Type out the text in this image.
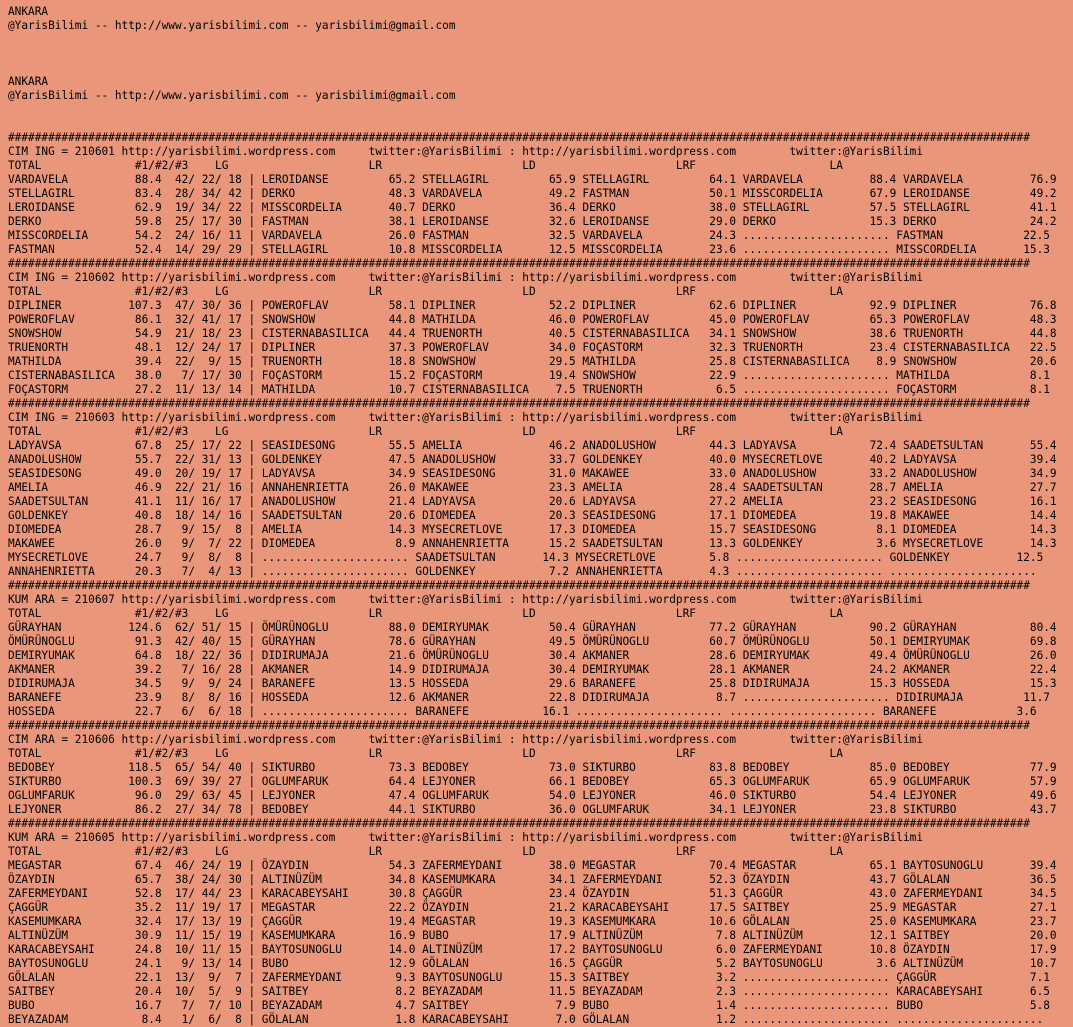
ANKARA
@YarisBilimi -- http://www.yarisbilimi.com -- yarisbilimi@gmail.com
ANKARA
@YarisBilimi -- http://www.yarisbilimi.com -- yarisbilimi@gmail.com
#########################################################################################################################################################
CIM ING = 210601 http://yarisbilimi.wordpress.com     twitter:@YarisBilimi : http://yarisbilimi.wordpress.com        twitter:@YarisBilimi
TOTAL              #1/#2/#3    LG                     LR                     LD                     LRF                    LA
VARDAVELA          88.4  42/ 22/ 18 | LEROIDANSE         65.2 STELLAGIRL         65.9 STELLAGIRL         64.1 VARDAVELA          88.4 VARDAVELA          76.9
STELLAGIRL         83.4  28/ 34/ 42 | DERKO              48.3 VARDAVELA          49.2 FASTMAN            50.1 MISSCORDELIA       67.9 LEROIDANSE         49.2
LEROIDANSE         62.9  19/ 34/ 22 | MISSCORDELIA       40.7 DERKO              36.4 DERKO              38.0 STELLAGIRL         57.5 STELLAGIRL         41.1
DERKO              59.8  25/ 17/ 30 | FASTMAN            38.1 LEROIDANSE         32.6 LEROIDANSE         29.0 DERKO              15.3 DERKO              24.2
MISSCORDELIA       54.2  24/ 16/ 11 | VARDAVELA          26.0 FASTMAN            32.5 VARDAVELA          24.3 ...................... FASTMAN            22.5
FASTMAN            52.4  14/ 29/ 29 | STELLAGIRL         10.8 MISSCORDELIA       12.5 MISSCORDELIA       23.6 ...................... MISSCORDELIA       15.3
#########################################################################################################################################################
CIM ING = 210602 http://yarisbilimi.wordpress.com     twitter:@YarisBilimi : http://yarisbilimi.wordpress.com        twitter:@YarisBilimi
TOTAL              #1/#2/#3    LG                     LR                     LD                     LRF                    LA
DIPLINER          107.3  47/ 30/ 36 | POWEROFLAV         58.1 DIPLINER           52.2 DIPLINER           62.6 DIPLINER           92.9 DIPLINER           76.8
POWEROFLAV         86.1  32/ 41/ 17 | SNOWSHOW           44.8 MATHILDA           46.0 POWEROFLAV         45.0 POWEROFLAV         65.3 POWEROFLAV         48.3
SNOWSHOW           54.9  21/ 18/ 23 | CISTERNABASILICA   44.4 TRUENORTH          40.5 CISTERNABASILICA   34.1 SNOWSHOW           38.6 TRUENORTH          44.8
TRUENORTH          48.1  12/ 24/ 17 | DIPLINER           37.3 POWEROFLAV         34.0 FOÇASTORM          32.3 TRUENORTH          23.4 CISTERNABASILICA   22.5
MATHILDA           39.4  22/  9/ 15 | TRUENORTH          18.8 SNOWSHOW           29.5 MATHILDA           25.8 CISTERNABASILICA    8.9 SNOWSHOW           20.6
CISTERNABASILICA   38.0   7/ 17/ 30 | FOÇASTORM          15.2 FOÇASTORM          19.4 SNOWSHOW           22.9 ...................... MATHILDA            8.1
FOÇASTORM          27.2  11/ 13/ 14 | MATHILDA           10.7 CISTERNABASILICA    7.5 TRUENORTH           6.5 ...................... FOÇASTORM           8.1
#########################################################################################################################################################
CIM ING = 210603 http://yarisbilimi.wordpress.com     twitter:@YarisBilimi : http://yarisbilimi.wordpress.com        twitter:@YarisBilimi
TOTAL              #1/#2/#3    LG                     LR                     LD                     LRF                    LA
LADYAVSA           67.8  25/ 17/ 22 | SEASIDESONG        55.5 AMELIA             46.2 ANADOLUSHOW        44.3 LADYAVSA           72.4 SAADETSULTAN       55.4
ANADOLUSHOW        55.7  22/ 31/ 13 | GOLDENKEY          47.5 ANADOLUSHOW        33.7 GOLDENKEY          40.0 MYSECRETLOVE       40.2 LADYAVSA           39.4
SEASIDESONG        49.0  20/ 19/ 17 | LADYAVSA           34.9 SEASIDESONG        31.0 MAKAWEE            33.0 ANADOLUSHOW        33.2 ANADOLUSHOW        34.9
AMELIA             46.9  22/ 21/ 16 | ANNAHENRIETTA      26.0 MAKAWEE            23.3 AMELIA             28.4 SAADETSULTAN       28.7 AMELIA             27.7
SAADETSULTAN       41.1  11/ 16/ 17 | ANADOLUSHOW        21.4 LADYAVSA           20.6 LADYAVSA           27.2 AMELIA             23.2 SEASIDESONG        16.1
GOLDENKEY          40.8  18/ 14/ 16 | SAADETSULTAN       20.6 DIOMEDEA           20.3 SEASIDESONG        17.1 DIOMEDEA           19.8 MAKAWEE            14.4
DIOMEDEA           28.7   9/ 15/  8 | AMELIA             14.3 MYSECRETLOVE       17.3 DIOMEDEA           15.7 SEASIDESONG         8.1 DIOMEDEA           14.3
MAKAWEE            26.0   9/  7/ 22 | DIOMEDEA            8.9 ANNAHENRIETTA      15.2 SAADETSULTAN       13.3 GOLDENKEY           3.6 MYSECRETLOVE       14.3
MYSECRETLOVE       24.7   9/  8/  8 | ...................... SAADETSULTAN       14.3 MYSECRETLOVE        5.8 ...................... GOLDENKEY          12.5
ANNAHENRIETTA      20.3   7/  4/ 13 | ...................... GOLDENKEY           7.2 ANNAHENRIETTA       4.3 ...................... ......................
#########################################################################################################################################################
KUM ARA = 210607 http://yarisbilimi.wordpress.com     twitter:@YarisBilimi : http://yarisbilimi.wordpress.com        twitter:@YarisBilimi
TOTAL              #1/#2/#3    LG                     LR                     LD                     LRF                    LA
GÜRAYHAN          124.6  62/ 51/ 15 | ÖMÜRÜNOGLU         88.0 DEMIRYUMAK         50.4 GÜRAYHAN           77.2 GÜRAYHAN           90.2 GÜRAYHAN           80.4
ÖMÜRÜNOGLU         91.3  42/ 40/ 15 | GÜRAYHAN           78.6 GÜRAYHAN           49.5 ÖMÜRÜNOGLU         60.7 ÖMÜRÜNOGLU         50.1 DEMIRYUMAK         69.8
DEMIRYUMAK         64.8  18/ 22/ 36 | DIDIRUMAJA         21.6 ÖMÜRÜNOGLU         30.4 AKMANER            28.6 DEMIRYUMAK         49.4 ÖMÜRÜNOGLU         26.0
AKMANER            39.2   7/ 16/ 28 | AKMANER            14.9 DIDIRUMAJA         30.4 DEMIRYUMAK         28.1 AKMANER            24.2 AKMANER            22.4
DIDIRUMAJA         34.5   9/  9/ 24 | BARANEFE           13.5 HOSSEDA            29.6 BARANEFE           25.8 DIDIRUMAJA         15.3 HOSSEDA            15.3
BARANEFE           23.9   8/  8/ 16 | HOSSEDA            12.6 AKMANER            22.8 DIDIRUMAJA          8.7 ...................... DIDIRUMAJA         11.7
HOSSEDA            22.7   6/  6/ 18 | ...................... BARANEFE           16.1 ...................... ...................... BARANEFE            3.6
#########################################################################################################################################################
CIM ARA = 210606 http://yarisbilimi.wordpress.com     twitter:@YarisBilimi : http://yarisbilimi.wordpress.com        twitter:@YarisBilimi
TOTAL              #1/#2/#3    LG                     LR                     LD                     LRF                    LA
BEDOBEY           118.5  65/ 54/ 40 | SIKTURBO           73.3 BEDOBEY            73.0 SIKTURBO           83.8 BEDOBEY            85.0 BEDOBEY            77.9
SIKTURBO          100.3  69/ 39/ 27 | OGLUMFARUK         64.4 LEJYONER           66.1 BEDOBEY            65.3 OGLUMFARUK         65.9 OGLUMFARUK         57.9
OGLUMFARUK         96.0  29/ 63/ 45 | LEJYONER           47.4 OGLUMFARUK         54.0 LEJYONER           46.0 SIKTURBO           54.4 LEJYONER           49.6
LEJYONER           86.2  27/ 34/ 78 | BEDOBEY            44.1 SIKTURBO           36.0 OGLUMFARUK         34.1 LEJYONER           23.8 SIKTURBO           43.7
#########################################################################################################################################################
KUM ARA = 210605 http://yarisbilimi.wordpress.com     twitter:@YarisBilimi : http://yarisbilimi.wordpress.com        twitter:@YarisBilimi
TOTAL              #1/#2/#3    LG                     LR                     LD                     LRF                    LA
MEGASTAR           67.4  46/ 24/ 19 | ÖZAYDIN            54.3 ZAFERMEYDANI       38.0 MEGASTAR           70.4 MEGASTAR           65.1 BAYTOSUNOGLU       39.4
ÖZAYDIN            65.7  38/ 24/ 30 | ALTINÜZÜM          34.8 KASEMUMKARA        34.1 ZAFERMEYDANI       52.3 ÖZAYDIN            43.7 GÖLALAN            36.5
ZAFERMEYDANI       52.8  17/ 44/ 23 | KARACABEYSAHI      30.8 ÇAGGÜR             23.4 ÖZAYDIN            51.3 ÇAGGÜR             43.0 ZAFERMEYDANI       34.5
ÇAGGÜR             35.2  11/ 19/ 17 | MEGASTAR           22.2 ÖZAYDIN            21.2 KARACABEYSAHI      17.5 SAITBEY            25.9 MEGASTAR           27.1
KASEMUMKARA        32.4  17/ 13/ 19 | ÇAGGÜR             19.4 MEGASTAR           19.3 KASEMUMKARA        10.6 GÖLALAN            25.0 KASEMUMKARA        23.7
ALTINÜZÜM          30.9  11/ 15/ 19 | KASEMUMKARA        16.9 BUBO               17.9 ALTINÜZÜM           7.8 ALTINÜZÜM          12.1 SAITBEY            20.0
KARACABEYSAHI      24.8  10/ 11/ 15 | BAYTOSUNOGLU       14.0 ALTINÜZÜM          17.2 BAYTOSUNOGLU        6.0 ZAFERMEYDANI       10.8 ÖZAYDIN            17.9
BAYTOSUNOGLU       24.1   9/ 13/ 14 | BUBO               12.9 GÖLALAN            16.5 ÇAGGÜR              5.2 BAYTOSUNOGLU        3.6 ALTINÜZÜM          10.7
GÖLALAN            22.1  13/  9/  7 | ZAFERMEYDANI        9.3 BAYTOSUNOGLU       15.3 SAITBEY             3.2 ...................... ÇAGGÜR              7.1
SAITBEY            20.4  10/  5/  9 | SAITBEY             8.2 BEYAZADAM          11.5 BEYAZADAM           2.3 ...................... KARACABEYSAHI       6.5
BUBO               16.7   7/  7/ 10 | BEYAZADAM           4.7 SAITBEY             7.9 BUBO                1.4 ...................... BUBO                5.8
BEYAZADAM           8.4   1/  6/  8 | GÖLALAN             1.8 KARACABEYSAHI       7.0 GÖLALAN             1.2 ...................... ......................
